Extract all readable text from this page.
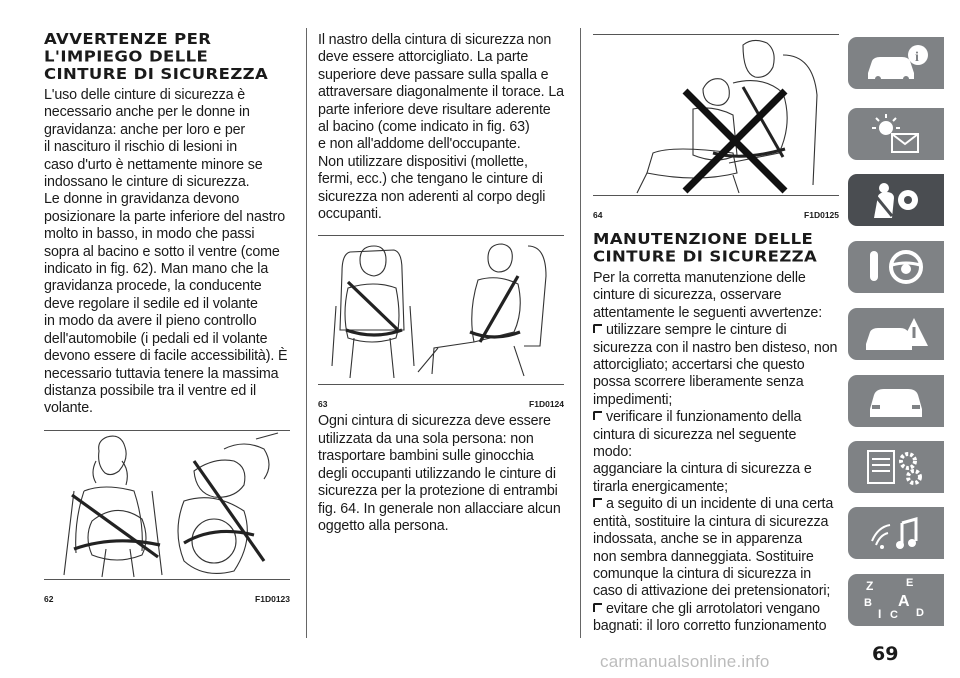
AVVERTENZE PER
L'IMPIEGO DELLE
CINTURE DI SICUREZZA

L'uso delle cinture di sicurezza è
necessario anche per le donne in
gravidanza: anche per loro e per
il nascituro il rischio di lesioni in
caso d'urto è nettamente minore se
indossano le cinture di sicurezza.
Le donne in gravidanza devono
posizionare la parte inferiore del nastro
molto in basso, in modo che passi
sopra al bacino e sotto il ventre (come
indicato in fig. 62). Man mano che la
gravidanza procede, la conducente
deve regolare il sedile ed il volante
in modo da avere il pieno controllo
dell'automobile (i pedali ed il volante
devono essere di facile accessibilità). È
necessario tuttavia tenere la massima
distanza possibile tra il ventre ed il
volante.

62	F1D0123

Il nastro della cintura di sicurezza non
deve essere attorcigliato. La parte
superiore deve passare sulla spalla e
attraversare diagonalmente il torace. La
parte inferiore deve risultare aderente
al bacino (come indicato in fig. 63)
e non all'addome dell'occupante.
Non utilizzare dispositivi (mollette,
fermi, ecc.) che tengano le cinture di
sicurezza non aderenti al corpo degli
occupanti.

63	F1D0124

Ogni cintura di sicurezza deve essere
utilizzata da una sola persona: non
trasportare bambini sulle ginocchia
degli occupanti utilizzando le cinture di
sicurezza per la protezione di entrambi
fig. 64. In generale non allacciare alcun
oggetto alla persona.

64	F1D0125
MANUTENZIONE DELLE
CINTURE DI SICUREZZA

Per la corretta manutenzione delle
cinture di sicurezza, osservare
attentamente le seguenti avvertenze:

utilizzare sempre le cinture di
sicurezza con il nastro ben disteso, non
attorcigliato; accertarsi che questo
possa scorrere liberamente senza
impedimenti;
verificare il funzionamento della
cintura di sicurezza nel seguente modo:
agganciare la cintura di sicurezza e
tirarla energicamente;
a seguito di un incidente di una certa
entità, sostituire la cintura di sicurezza
indossata, anche se in apparenza
non sembra danneggiata. Sostituire
comunque la cintura di sicurezza in
caso di attivazione dei pretensionatori;
evitare che gli arrotolatori vengano
bagnati: il loro corretto funzionamento
i
Z	E
B A
I C D
69
carmanualsonline.info
